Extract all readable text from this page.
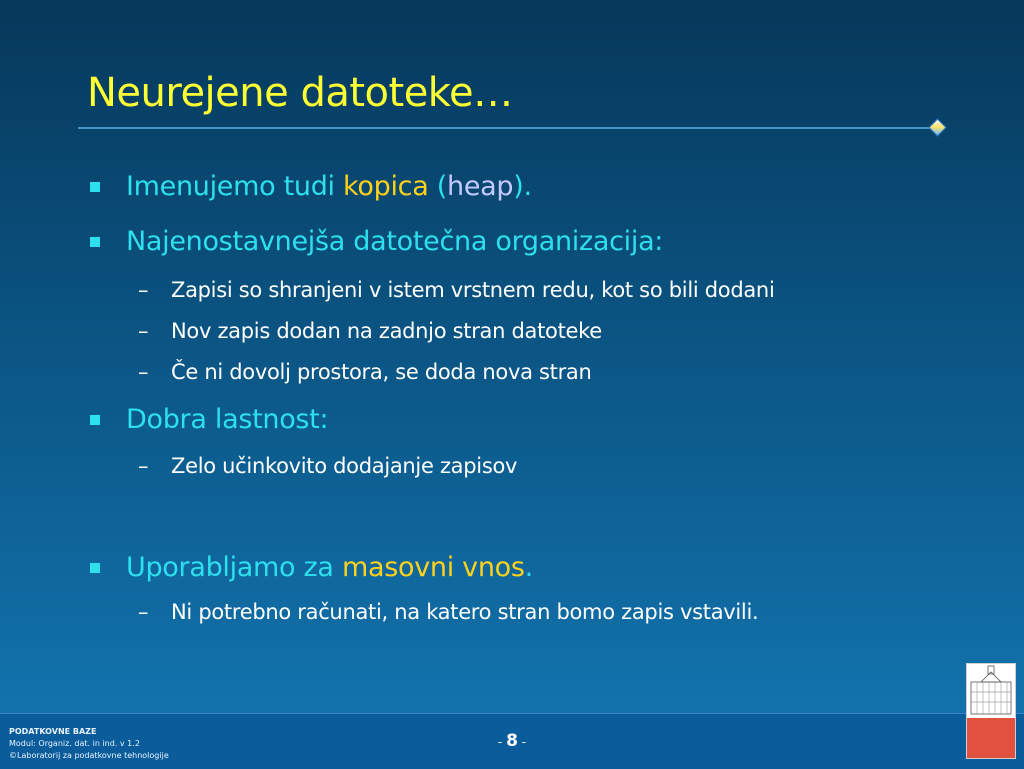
Neurejene datoteke…
Imenujemo tudi kopica (heap).
Najenostavnejša datotečna organizacija:
– Zapisi so shranjeni v istem vrstnem redu, kot so bili dodani
– Nov zapis dodan na zadnjo stran datoteke
– Če ni dovolj prostora, se doda nova stran
Dobra lastnost:
– Zelo učinkovito dodajanje zapisov
Uporabljamo za masovni vnos.
– Ni potrebno računati, na katero stran bomo zapis vstavili.
PODATKOVNE BAZE
Modul: Organiz. dat. in ind. v 1.2
©Laboratorij za podatkovne tehnologije
- 8 -
